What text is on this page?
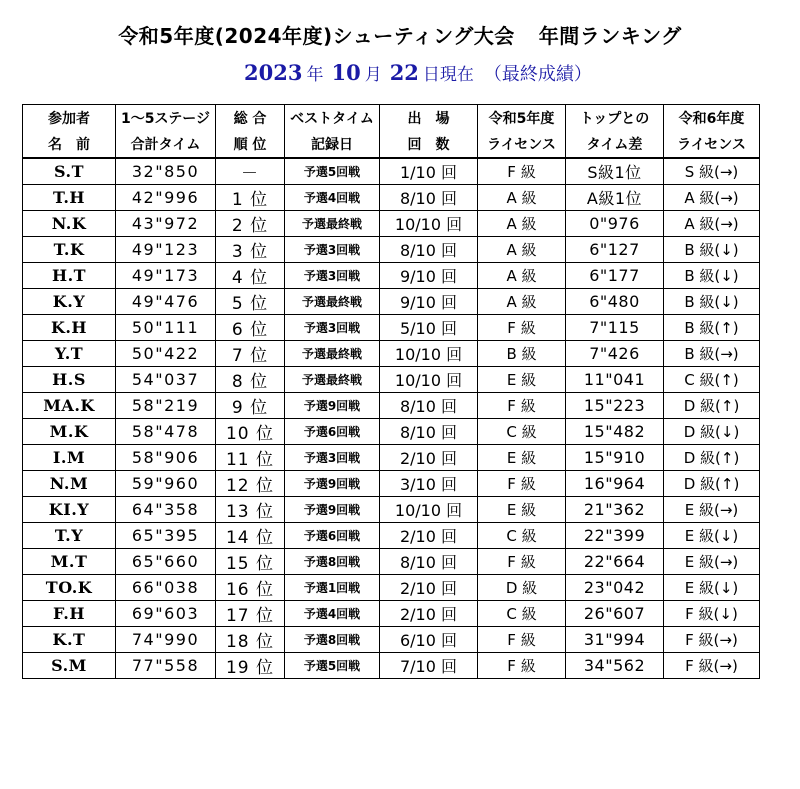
令和5年度(2024年度)シューティング大会 年間ランキング
2023 年 10 月 22 日現在 （最終成績）
参加者	1～5ステージ	総 合	ベストタイム	出　場	令和5年度	トップとの	令和6年度
名　前	合計タイム	順 位	記録日	回　数	ライセンス	タイム差	ライセンス
S.T	32"850	－	予選5回戦	1/10 回	F 級	S級1位	S 級(→)
T.H	42"996	1 位	予選4回戦	8/10 回	A 級	A級1位	A 級(→)
N.K	43"972	2 位	予選最終戦	10/10 回	A 級	0"976	A 級(→)
T.K	49"123	3 位	予選3回戦	8/10 回	A 級	6"127	B 級(↓)
H.T	49"173	4 位	予選3回戦	9/10 回	A 級	6"177	B 級(↓)
K.Y	49"476	5 位	予選最終戦	9/10 回	A 級	6"480	B 級(↓)
K.H	50"111	6 位	予選3回戦	5/10 回	F 級	7"115	B 級(↑)
Y.T	50"422	7 位	予選最終戦	10/10 回	B 級	7"426	B 級(→)
H.S	54"037	8 位	予選最終戦	10/10 回	E 級	11"041	C 級(↑)
MA.K	58"219	9 位	予選9回戦	8/10 回	F 級	15"223	D 級(↑)
M.K	58"478	10 位	予選6回戦	8/10 回	C 級	15"482	D 級(↓)
I.M	58"906	11 位	予選3回戦	2/10 回	E 級	15"910	D 級(↑)
N.M	59"960	12 位	予選9回戦	3/10 回	F 級	16"964	D 級(↑)
KI.Y	64"358	13 位	予選9回戦	10/10 回	E 級	21"362	E 級(→)
T.Y	65"395	14 位	予選6回戦	2/10 回	C 級	22"399	E 級(↓)
M.T	65"660	15 位	予選8回戦	8/10 回	F 級	22"664	E 級(→)
TO.K	66"038	16 位	予選1回戦	2/10 回	D 級	23"042	E 級(↓)
F.H	69"603	17 位	予選4回戦	2/10 回	C 級	26"607	F 級(↓)
K.T	74"990	18 位	予選8回戦	6/10 回	F 級	31"994	F 級(→)
S.M	77"558	19 位	予選5回戦	7/10 回	F 級	34"562	F 級(→)
